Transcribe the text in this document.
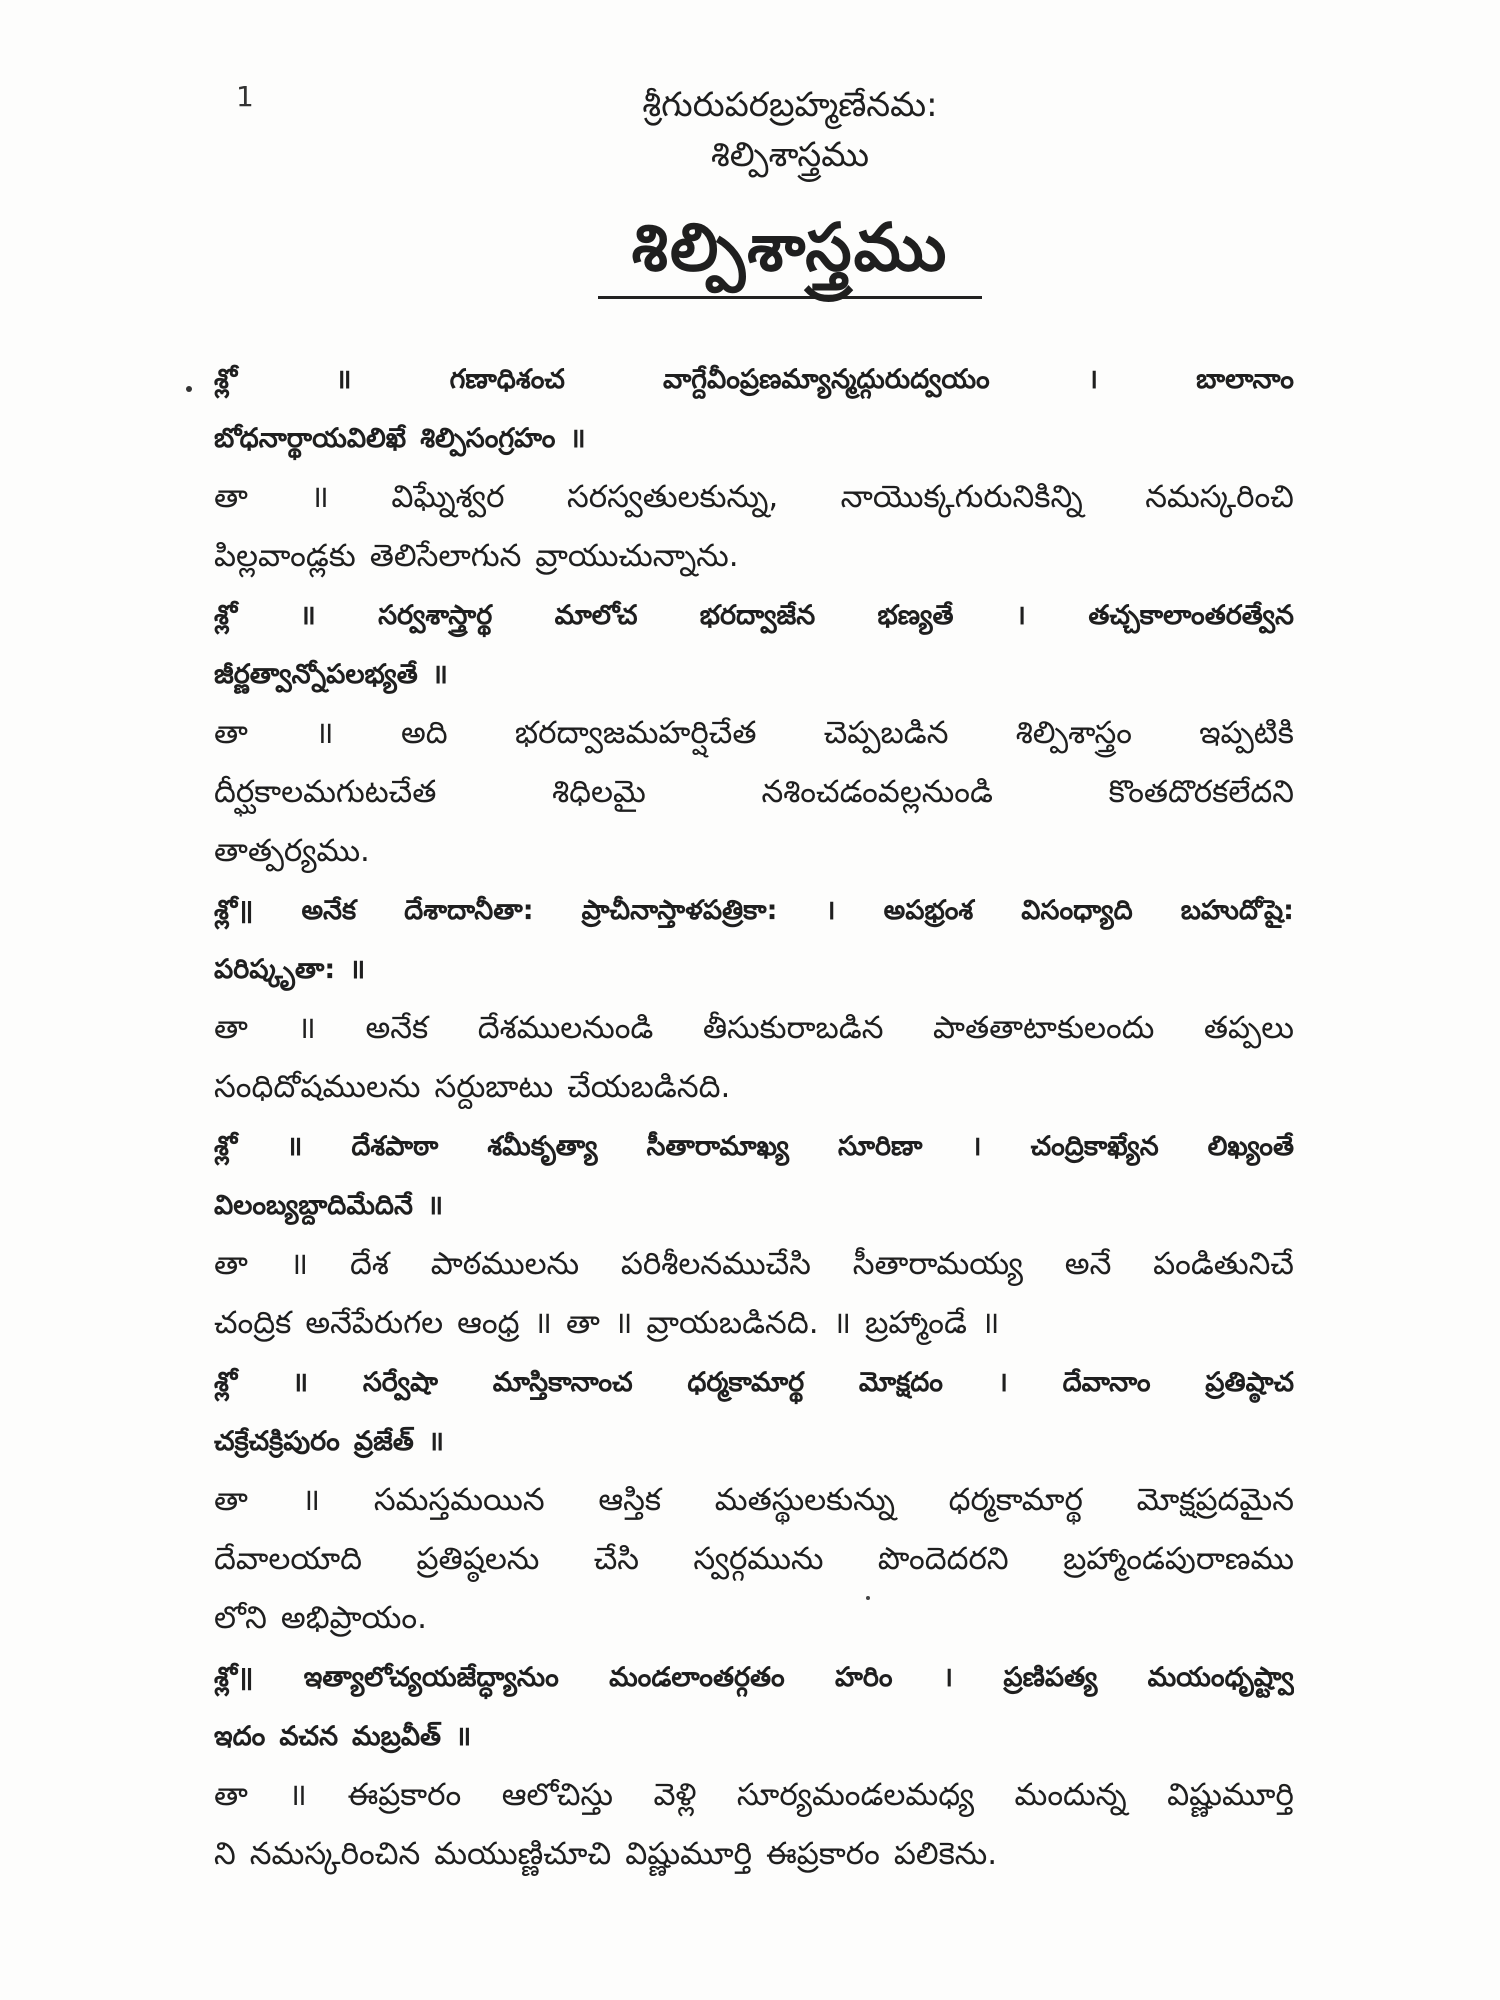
1	శ్రీగురుపరబ్రహ్మణేనమ:
శిల్పిశాస్త్రము
శిల్పిశాస్త్రము
శ్లో	॥	గణాధిశంచ	వాగ్దేవీంప్రణమ్యాన్మద్గురుద్వయం	।	బాలానాం
బోధనార్థాయవిలిఖే శిల్పిసంగ్రహం ॥
తా ॥ విఘ్నేశ్వర సరస్వతులకున్ను, నాయొక్కగురునికిన్ని నమస్కరించి
పిల్లవాండ్లకు తెలిసేలాగున వ్రాయుచున్నాను.
శ్లో ॥ సర్వశాస్త్రార్థ మాలోచ భరద్వాజేన భణ్యతే । తచ్చకాలాంతరత్వేన
జీర్ణత్వాన్నోపలభ్యతే ॥
తా ॥ అది భరద్వాజమహర్షిచేత చెప్పబడిన శిల్పిశాస్త్రం ఇప్పటికి
దీర్ఘకాలమగుటచేత	శిధిలమై	నశించడంవల్లనుండి	కొంతదొరకలేదని
తాత్పర్యము.
శ్లో॥ అనేక దేశాదానీతా: ప్రాచీనాస్తాళపత్రికా: । అపభ్రంశ విసంధ్యాది బహుదోషై:
పరిష్కృతా: ॥
తా ॥ అనేక దేశములనుండి తీసుకురాబడిన పాతతాటాకులందు తప్పలు
సంధిదోషములను సర్దుబాటు చేయబడినది.
శ్లో ॥ దేశపాఠా శమీకృత్యా సీతారామాఖ్య సూరిణా । చంద్రికాఖ్యేన లిఖ్యంతే
విలంబ్యబ్దాదిమేదినే ॥
తా ॥ దేశ పాఠములను పరిశీలనముచేసి సీతారామయ్య అనే పండితునిచే
చంద్రిక అనేపేరుగల ఆంధ్ర ॥ తా ॥ వ్రాయబడినది. ॥ బ్రహ్మాండే ॥
శ్లో ॥ సర్వేషా మాస్తికానాంచ ధర్మకామార్థ మోక్షదం । దేవానాం ప్రతిష్ఠాచ
చక్రేచక్రిపురం వ్రజేత్ ॥
తా ॥ సమస్తమయిన ఆస్తిక మతస్థులకున్ను ధర్మకామార్థ మోక్షప్రదమైన
దేవాలయాది ప్రతిష్ఠలను చేసి స్వర్గమును పొందెదరని బ్రహ్మాండపురాణము
లోని అభిప్రాయం.
శ్లో॥ ఇత్యాలోచ్యయజేద్ధ్యానుం మండలాంతర్గతం హరిం । ప్రణిపత్య మయంధృష్ట్వా
ఇదం వచన మబ్రవీత్ ॥
తా ॥ ఈప్రకారం ఆలోచిస్తు వెళ్లి సూర్యమండలమధ్య మందున్న విష్ణుమూర్తి
ని నమస్కరించిన మయుణ్ణిచూచి విష్ణుమూర్తి ఈప్రకారం పలికెను.
